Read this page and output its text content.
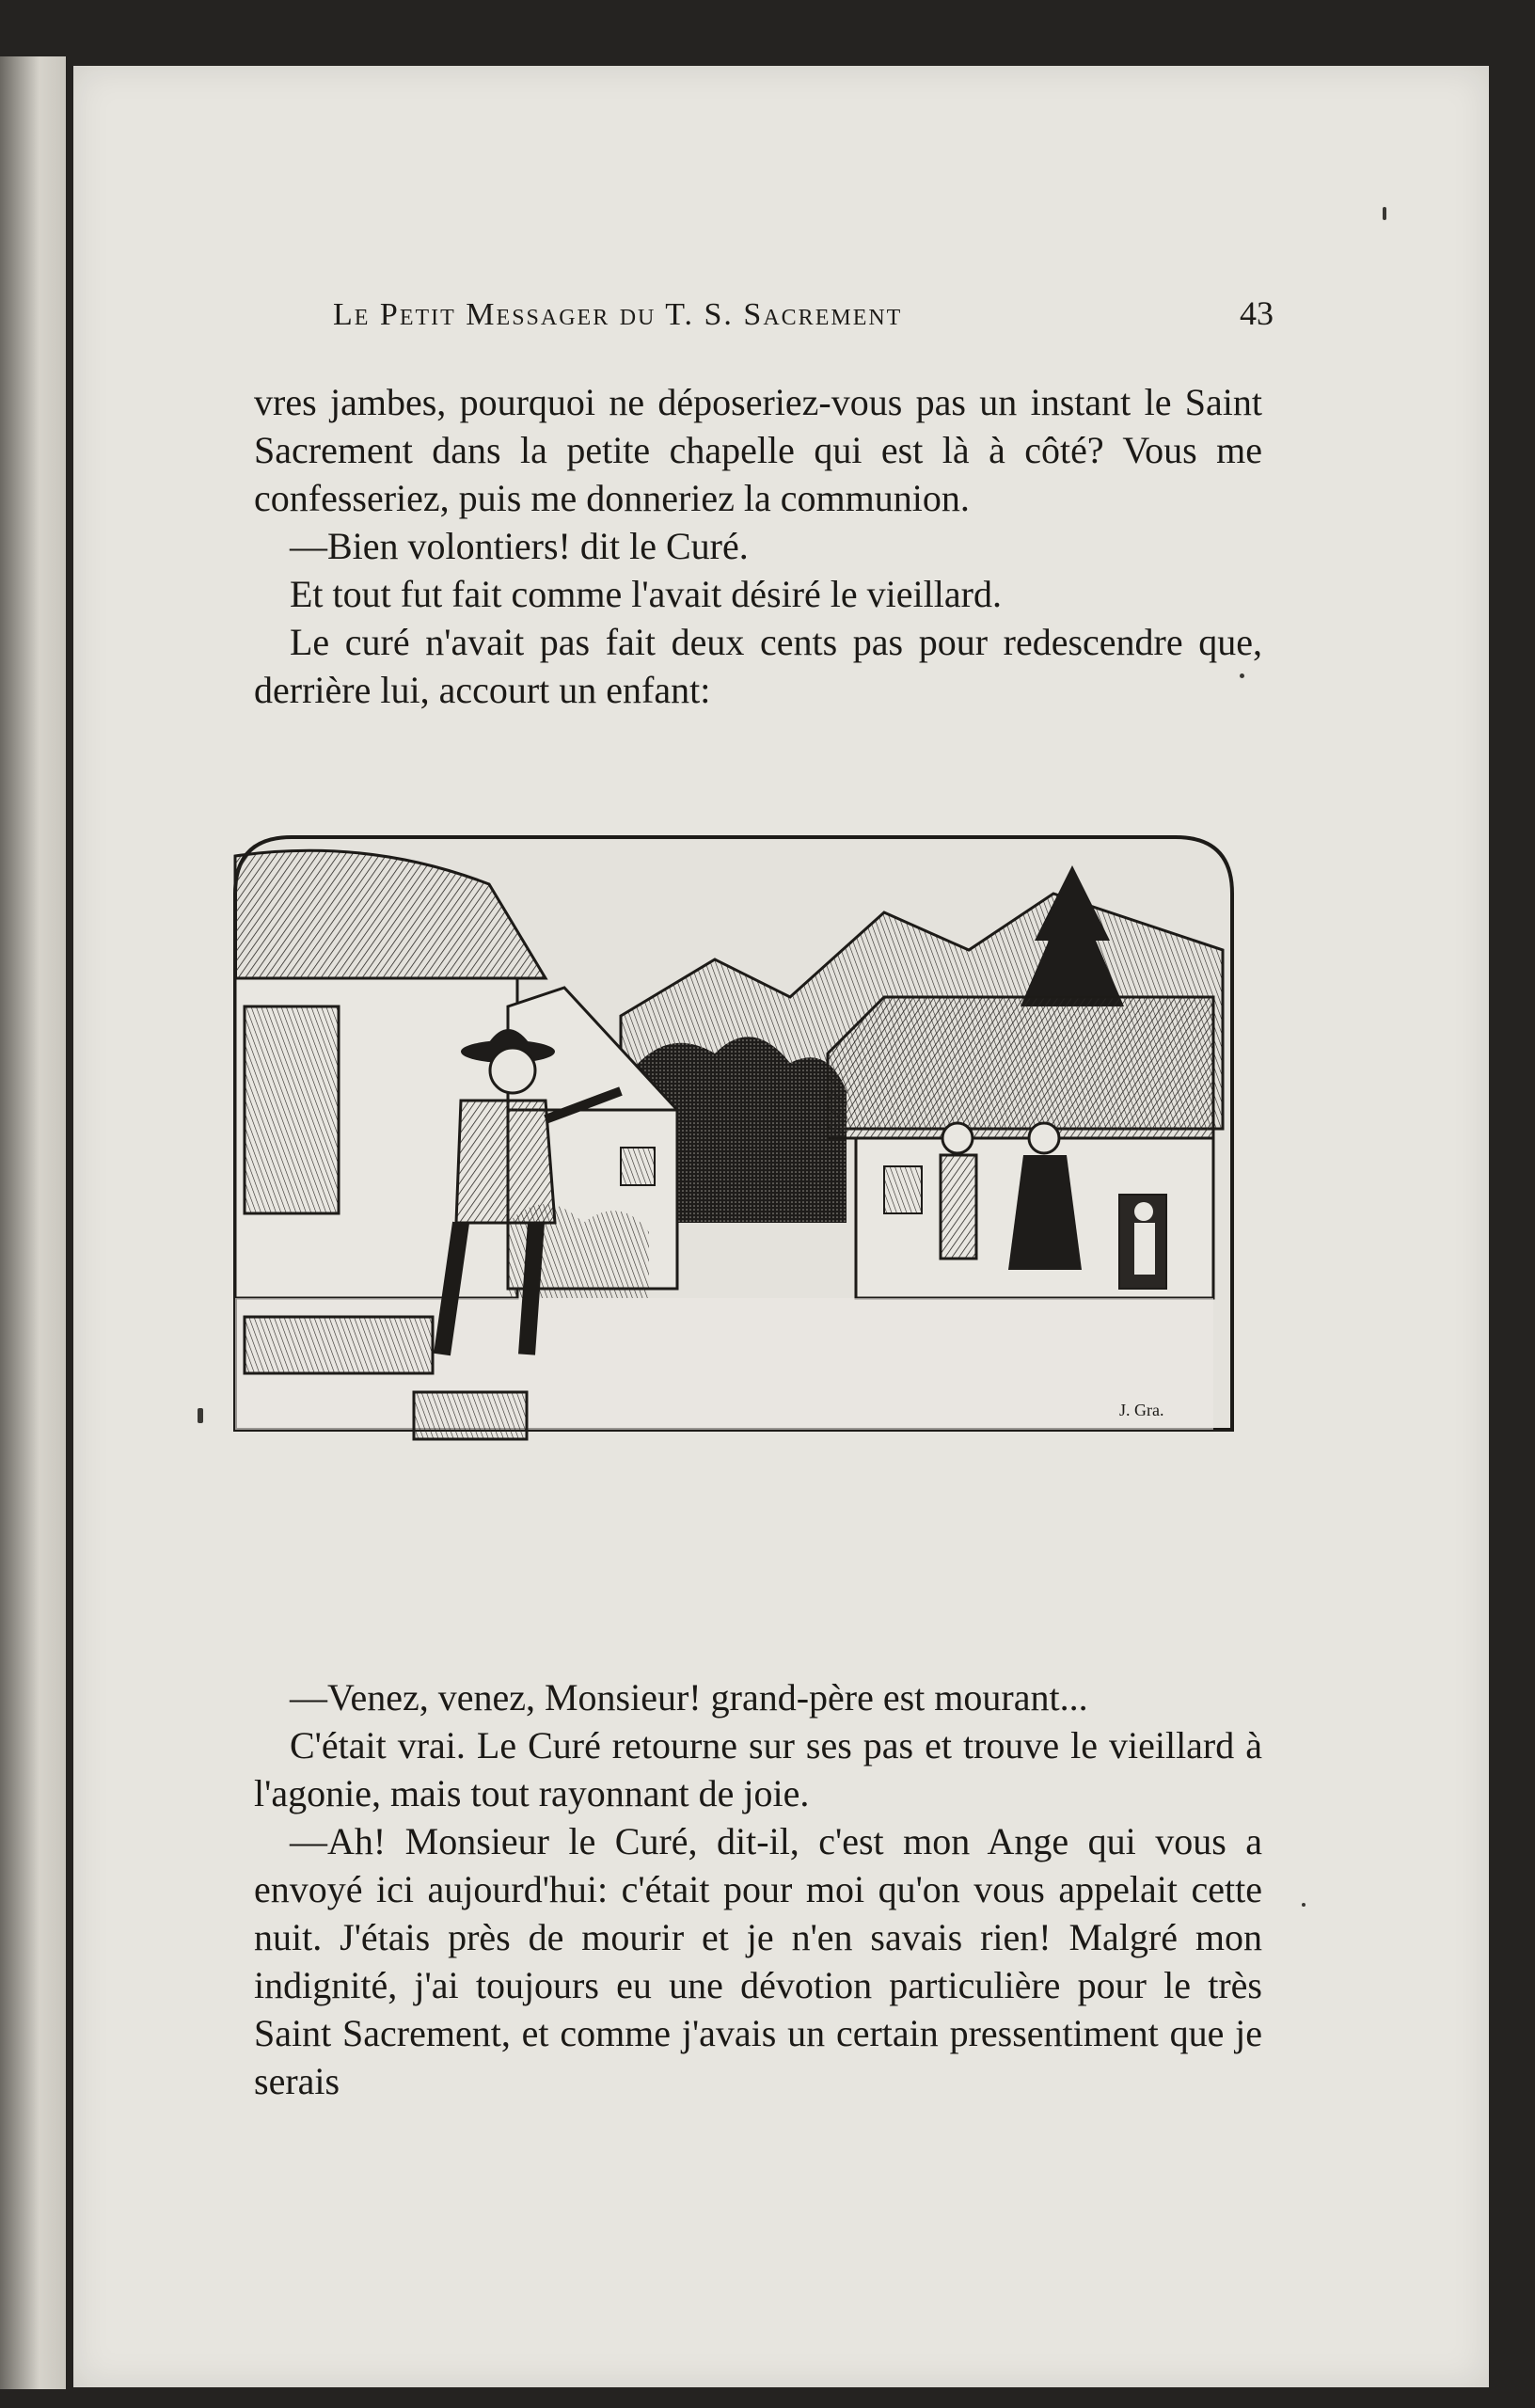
Le Petit Messager du T. S. Sacrement	43

vres jambes, pourquoi ne déposeriez-vous pas un instant le Saint Sacrement dans la petite chapelle qui est là à côté? Vous me confesseriez, puis me donneriez la communion.

—Bien volontiers! dit le Curé.

Et tout fut fait comme l'avait désiré le vieillard.

Le curé n'avait pas fait deux cents pas pour redescendre que, derrière lui, accourt un enfant:

J. Gra.

—Venez, venez, Monsieur! grand-père est mourant...

C'était vrai. Le Curé retourne sur ses pas et trouve le vieillard à l'agonie, mais tout rayonnant de joie.

—Ah! Monsieur le Curé, dit-il, c'est mon Ange qui vous a envoyé ici aujourd'hui: c'était pour moi qu'on vous appelait cette nuit. J'étais près de mourir et je n'en savais rien! Malgré mon indignité, j'ai toujours eu une dévotion particulière pour le très Saint Sacrement, et comme j'avais un certain pressentiment que je serais
